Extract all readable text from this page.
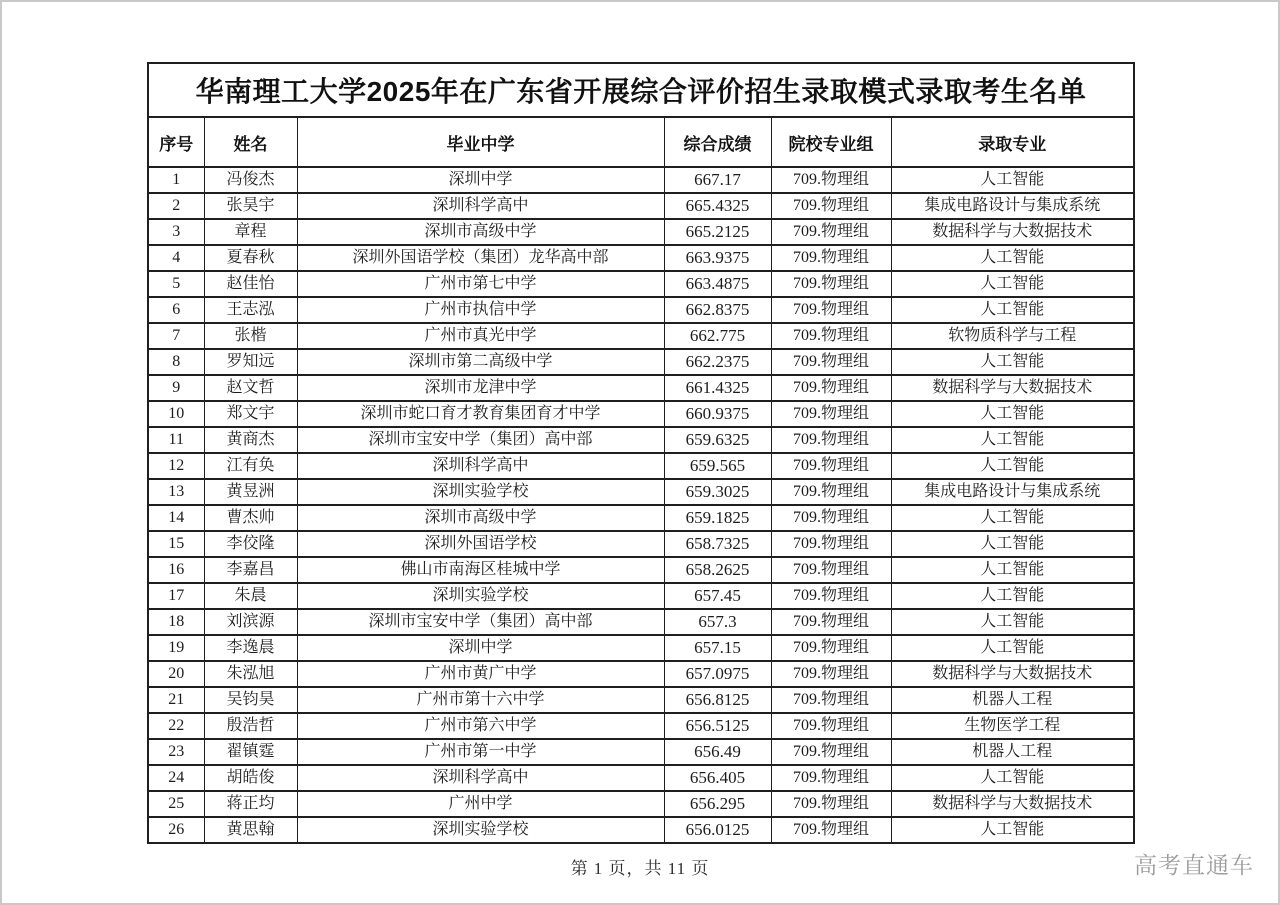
华南理工大学2025年在广东省开展综合评价招生录取模式录取考生名单					
序号	姓名	毕业中学	综合成绩	院校专业组	录取专业
1	冯俊杰	深圳中学	667.17	709.物理组	人工智能
2	张昊宇	深圳科学高中	665.4325	709.物理组	集成电路设计与集成系统
3	章程	深圳市高级中学	665.2125	709.物理组	数据科学与大数据技术
4	夏春秋	深圳外国语学校（集团）龙华高中部	663.9375	709.物理组	人工智能
5	赵佳怡	广州市第七中学	663.4875	709.物理组	人工智能
6	王志泓	广州市执信中学	662.8375	709.物理组	人工智能
7	张楷	广州市真光中学	662.775	709.物理组	软物质科学与工程
8	罗知远	深圳市第二高级中学	662.2375	709.物理组	人工智能
9	赵文哲	深圳市龙津中学	661.4325	709.物理组	数据科学与大数据技术
10	郑文宇	深圳市蛇口育才教育集团育才中学	660.9375	709.物理组	人工智能
11	黄商杰	深圳市宝安中学（集团）高中部	659.6325	709.物理组	人工智能
12	江有奂	深圳科学高中	659.565	709.物理组	人工智能
13	黄昱洲	深圳实验学校	659.3025	709.物理组	集成电路设计与集成系统
14	曹杰帅	深圳市高级中学	659.1825	709.物理组	人工智能
15	李佼隆	深圳外国语学校	658.7325	709.物理组	人工智能
16	李嘉昌	佛山市南海区桂城中学	658.2625	709.物理组	人工智能
17	朱晨	深圳实验学校	657.45	709.物理组	人工智能
18	刘滨源	深圳市宝安中学（集团）高中部	657.3	709.物理组	人工智能
19	李逸晨	深圳中学	657.15	709.物理组	人工智能
20	朱泓旭	广州市黄广中学	657.0975	709.物理组	数据科学与大数据技术
21	吴钧昊	广州市第十六中学	656.8125	709.物理组	机器人工程
22	殷浩哲	广州市第六中学	656.5125	709.物理组	生物医学工程
23	翟镇霆	广州市第一中学	656.49	709.物理组	机器人工程
24	胡皓俊	深圳科学高中	656.405	709.物理组	人工智能
25	蒋正均	广州中学	656.295	709.物理组	数据科学与大数据技术
26	黄思翰	深圳实验学校	656.0125	709.物理组	人工智能
第 1 页，共 11 页	高考直通车
